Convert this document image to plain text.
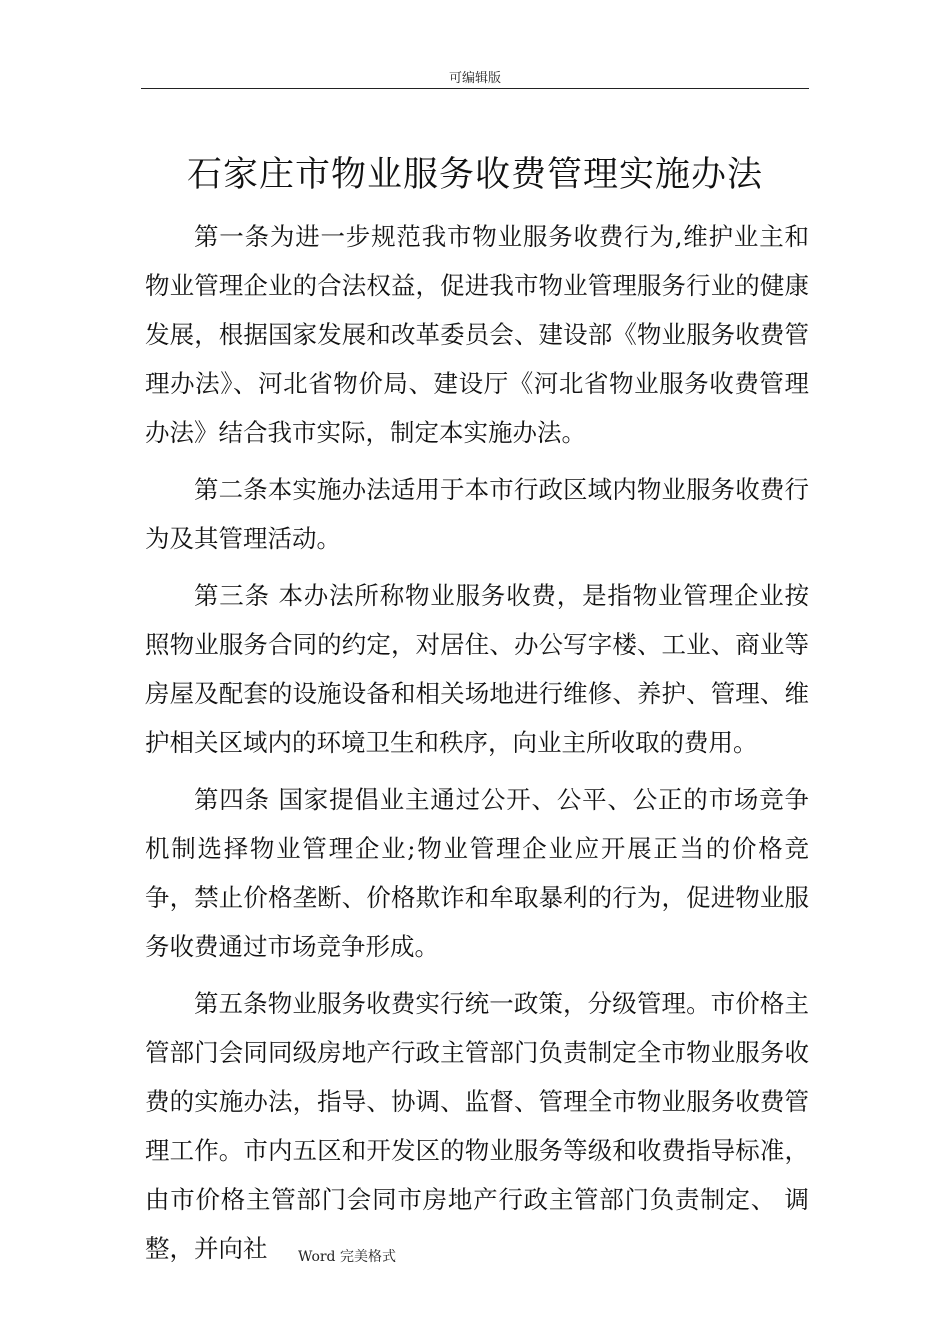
可编辑版
石家庄市物业服务收费管理实施办法

第一条为进一步规范我市物业服务收费行为,维护业主和物业管理企业的合法权益，促进我市物业管理服务行业的健康发展，根据国家发展和改革委员会、建设部《物业服务收费管理办法》、河北省物价局、建设厅《河北省物业服务收费管理办法》结合我市实际，制定本实施办法。

第二条本实施办法适用于本市行政区域内物业服务收费行为及其管理活动。

第三条 本办法所称物业服务收费，是指物业管理企业按照物业服务合同的约定，对居住、办公写字楼、工业、商业等房屋及配套的设施设备和相关场地进行维修、养护、管理、维护相关区域内的环境卫生和秩序，向业主所收取的费用。

第四条 国家提倡业主通过公开、公平、公正的市场竞争机制选择物业管理企业;物业管理企业应开展正当的价格竞争，禁止价格垄断、价格欺诈和牟取暴利的行为，促进物业服务收费通过市场竞争形成。

第五条物业服务收费实行统一政策，分级管理。市价格主管部门会同同级房地产行政主管部门负责制定全市物业服务收费的实施办法，指导、协调、监督、管理全市物业服务收费管理工作。市内五区和开发区的物业服务等级和收费指导标准， 由市价格主管部门会同市房地产行政主管部门负责制定、 调整，并向社	Word 完美格式
